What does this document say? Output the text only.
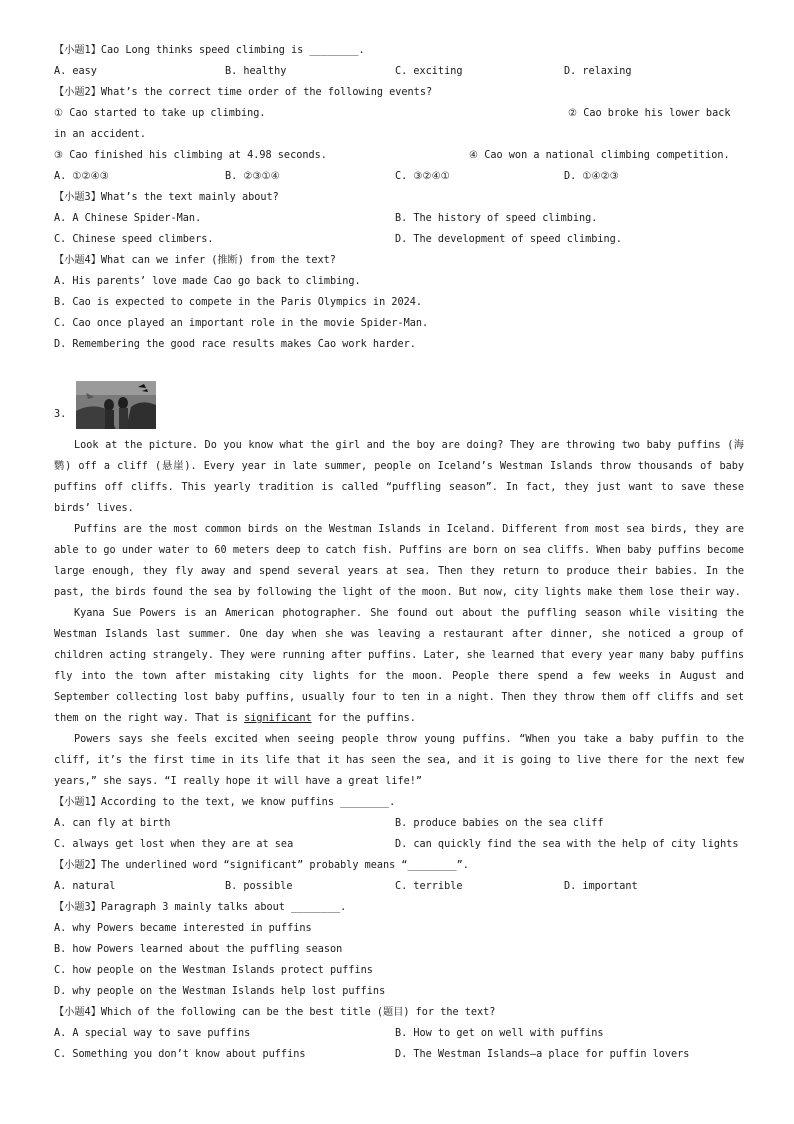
【小题1】Cao Long thinks speed climbing is ________.
A. easy	B. healthy	C. exciting	D. relaxing
【小题2】What’s the correct time order of the following events?
① Cao started to take up climbing.	② Cao broke his lower back
in an accident.
③ Cao finished his climbing at 4.98 seconds.	④ Cao won a national climbing competition.
A. ①②④③	B. ②③①④	C. ③②④①	D. ①④②③
【小题3】What’s the text mainly about?
A. A Chinese Spider-Man.	B. The history of speed climbing.
C. Chinese speed climbers.	D. The development of speed climbing.
【小题4】What can we infer (推断) from the text?
A. His parents’ love made Cao go back to climbing.
B. Cao is expected to compete in the Paris Olympics in 2024.
C. Cao once played an important role in the movie Spider-Man.
D. Remembering the good race results makes Cao work harder.
3.
Look at the picture. Do you know what the girl and the boy are doing? They are throwing two baby puffins (海鹦) off a cliff (悬崖). Every year in late summer, people on Iceland’s Westman Islands throw thousands of baby puffins off cliffs. This yearly tradition is called “puffling season”. In fact, they just want to save these birds’ lives.
Puffins are the most common birds on the Westman Islands in Iceland. Different from most sea birds, they are able to go under water to 60 meters deep to catch fish. Puffins are born on sea cliffs. When baby puffins become large enough, they fly away and spend several years at sea. Then they return to produce their babies. In the past, the birds found the sea by following the light of the moon. But now, city lights make them lose their way.
Kyana Sue Powers is an American photographer. She found out about the puffling season while visiting the Westman Islands last summer. One day when she was leaving a restaurant after dinner, she noticed a group of children acting strangely. They were running after puffins. Later, she learned that every year many baby puffins fly into the town after mistaking city lights for the moon. People there spend a few weeks in August and September collecting lost baby puffins, usually four to ten in a night. Then they throw them off cliffs and set them on the right way. That is significant for the puffins.
Powers says she feels excited when seeing people throw young puffins. “When you take a baby puffin to the cliff, it’s the first time in its life that it has seen the sea, and it is going to live there for the next few years,” she says. “I really hope it will have a great life!”
【小题1】According to the text, we know puffins ________.
A. can fly at birth	B. produce babies on the sea cliff
C. always get lost when they are at sea	D. can quickly find the sea with the help of city lights
【小题2】The underlined word “significant” probably means “________”.
A. natural	B. possible	C. terrible	D. important
【小题3】Paragraph 3 mainly talks about ________.
A. why Powers became interested in puffins
B. how Powers learned about the puffling season
C. how people on the Westman Islands protect puffins
D. why people on the Westman Islands help lost puffins
【小题4】Which of the following can be the best title (题目) for the text?
A. A special way to save puffins	B. How to get on well with puffins
C. Something you don’t know about puffins	D. The Westman Islands—a place for puffin lovers
